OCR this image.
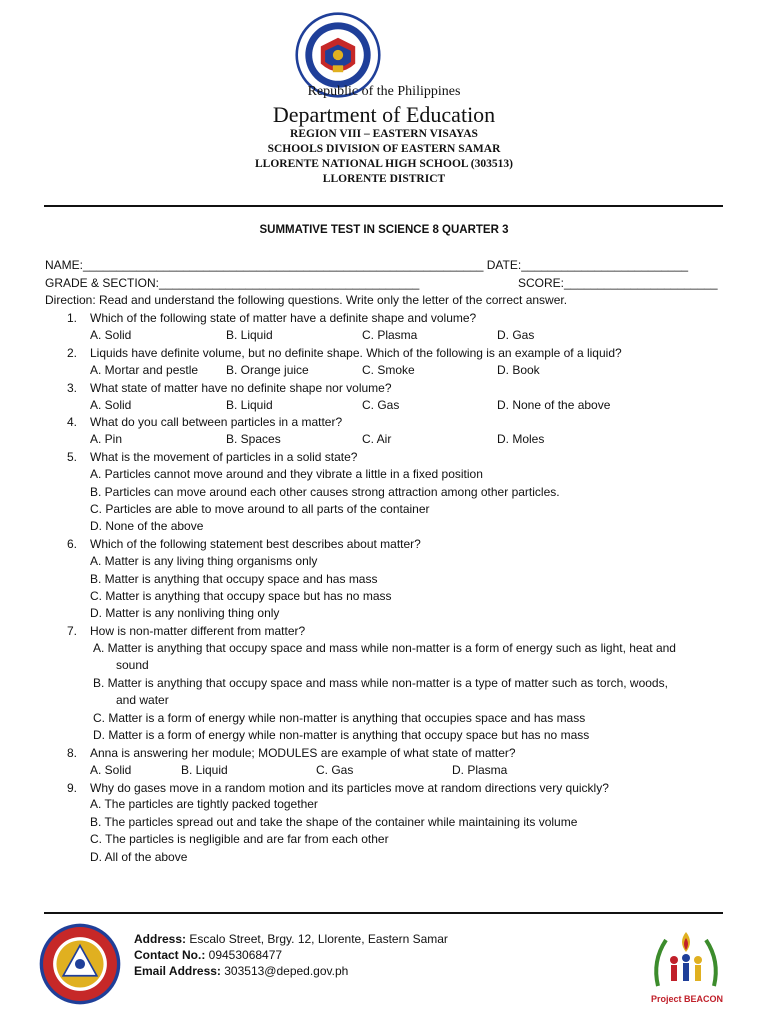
Republic of the Philippines
Department of Education
REGION VIII – EASTERN VISAYAS
SCHOOLS DIVISION OF EASTERN SAMAR
LLORENTE NATIONAL HIGH SCHOOL (303513)
LLORENTE DISTRICT
SUMMATIVE TEST IN SCIENCE 8 QUARTER 3
NAME:____________________________________________________________ DATE:_________________________
GRADE & SECTION:_______________________________________	SCORE:_______________________
Direction: Read and understand the following questions. Write only the letter of the correct answer.
1. Which of the following state of matter have a definite shape and volume?
A. Solid	B. Liquid	C. Plasma	D. Gas
2. Liquids have definite volume, but no definite shape. Which of the following is an example of a liquid?
A. Mortar and pestle B. Orange juice	C. Smoke	D. Book
3. What state of matter have no definite shape nor volume?
A. Solid	B. Liquid	C. Gas	D. None of the above
4. What do you call between particles in a matter?
A. Pin	B. Spaces	C. Air	D. Moles
5. What is the movement of particles in a solid state?
A. Particles cannot move around and they vibrate a little in a fixed position
B. Particles can move around each other causes strong attraction among other particles.
C. Particles are able to move around to all parts of the container
D. None of the above
6. Which of the following statement best describes about matter?
A. Matter is any living thing organisms only
B. Matter is anything that occupy space and has mass
C. Matter is anything that occupy space but has no mass
D. Matter is any nonliving thing only
7. How is non-matter different from matter?
A. Matter is anything that occupy space and mass while non-matter is a form of energy such as light, heat and
sound
B. Matter is anything that occupy space and mass while non-matter is a type of matter such as torch, woods,
and water
C. Matter is a form of energy while non-matter is anything that occupies space and has mass
D. Matter is a form of energy while non-matter is anything that occupy space but has no mass
8. Anna is answering her module; MODULES are example of what state of matter?
A. Solid	B. Liquid	C. Gas	D. Plasma
9. Why do gases move in a random motion and its particles move at random directions very quickly?
A. The particles are tightly packed together
B. The particles spread out and take the shape of the container while maintaining its volume
C. The particles is negligible and are far from each other
D. All of the above
Address: Escalo Street, Brgy. 12, Llorente, Eastern Samar
Contact No.: 09453068477
Email Address: 303513@deped.gov.ph
Project BEACON
